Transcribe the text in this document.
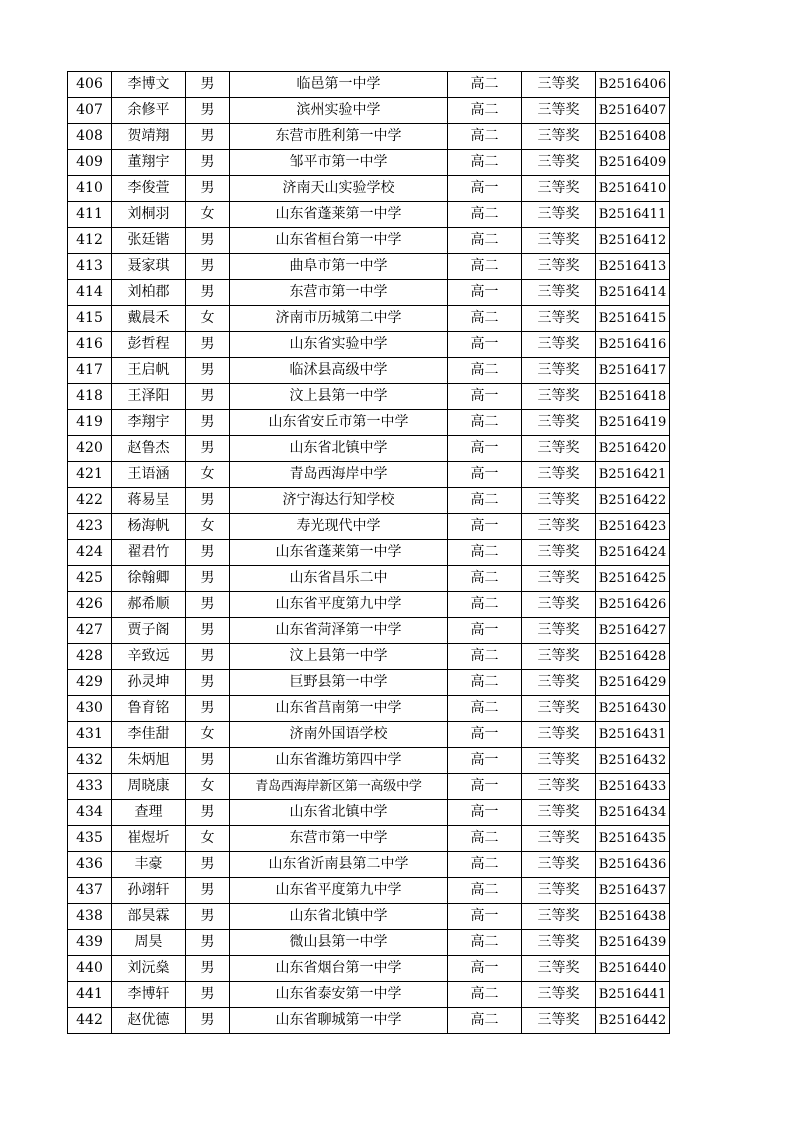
406	李博文	男	临邑第一中学	高二	三等奖	B2516406
407	余修平	男	滨州实验中学	高二	三等奖	B2516407
408	贺靖翔	男	东营市胜利第一中学	高二	三等奖	B2516408
409	董翔宇	男	邹平市第一中学	高二	三等奖	B2516409
410	李俊萱	男	济南天山实验学校	高一	三等奖	B2516410
411	刘桐羽	女	山东省蓬莱第一中学	高二	三等奖	B2516411
412	张廷锴	男	山东省桓台第一中学	高二	三等奖	B2516412
413	聂家琪	男	曲阜市第一中学	高二	三等奖	B2516413
414	刘柏郡	男	东营市第一中学	高一	三等奖	B2516414
415	戴晨禾	女	济南市历城第二中学	高二	三等奖	B2516415
416	彭哲程	男	山东省实验中学	高一	三等奖	B2516416
417	王启帆	男	临沭县高级中学	高二	三等奖	B2516417
418	王泽阳	男	汶上县第一中学	高一	三等奖	B2516418
419	李翔宇	男	山东省安丘市第一中学	高二	三等奖	B2516419
420	赵鲁杰	男	山东省北镇中学	高一	三等奖	B2516420
421	王语涵	女	青岛西海岸中学	高一	三等奖	B2516421
422	蒋易呈	男	济宁海达行知学校	高二	三等奖	B2516422
423	杨海帆	女	寿光现代中学	高一	三等奖	B2516423
424	翟君竹	男	山东省蓬莱第一中学	高二	三等奖	B2516424
425	徐翰卿	男	山东省昌乐二中	高二	三等奖	B2516425
426	郝希顺	男	山东省平度第九中学	高二	三等奖	B2516426
427	贾子阁	男	山东省菏泽第一中学	高一	三等奖	B2516427
428	辛致远	男	汶上县第一中学	高二	三等奖	B2516428
429	孙灵坤	男	巨野县第一中学	高二	三等奖	B2516429
430	鲁育铭	男	山东省莒南第一中学	高二	三等奖	B2516430
431	李佳甜	女	济南外国语学校	高一	三等奖	B2516431
432	朱炳旭	男	山东省潍坊第四中学	高一	三等奖	B2516432
433	周晓康	女	青岛西海岸新区第一高级中学	高一	三等奖	B2516433
434	查理	男	山东省北镇中学	高一	三等奖	B2516434
435	崔煜圻	女	东营市第一中学	高二	三等奖	B2516435
436	丰豪	男	山东省沂南县第二中学	高二	三等奖	B2516436
437	孙翊轩	男	山东省平度第九中学	高二	三等奖	B2516437
438	部昊霖	男	山东省北镇中学	高一	三等奖	B2516438
439	周昊	男	微山县第一中学	高二	三等奖	B2516439
440	刘沅燊	男	山东省烟台第一中学	高一	三等奖	B2516440
441	李博轩	男	山东省泰安第一中学	高二	三等奖	B2516441
442	赵优德	男	山东省聊城第一中学	高二	三等奖	B2516442
